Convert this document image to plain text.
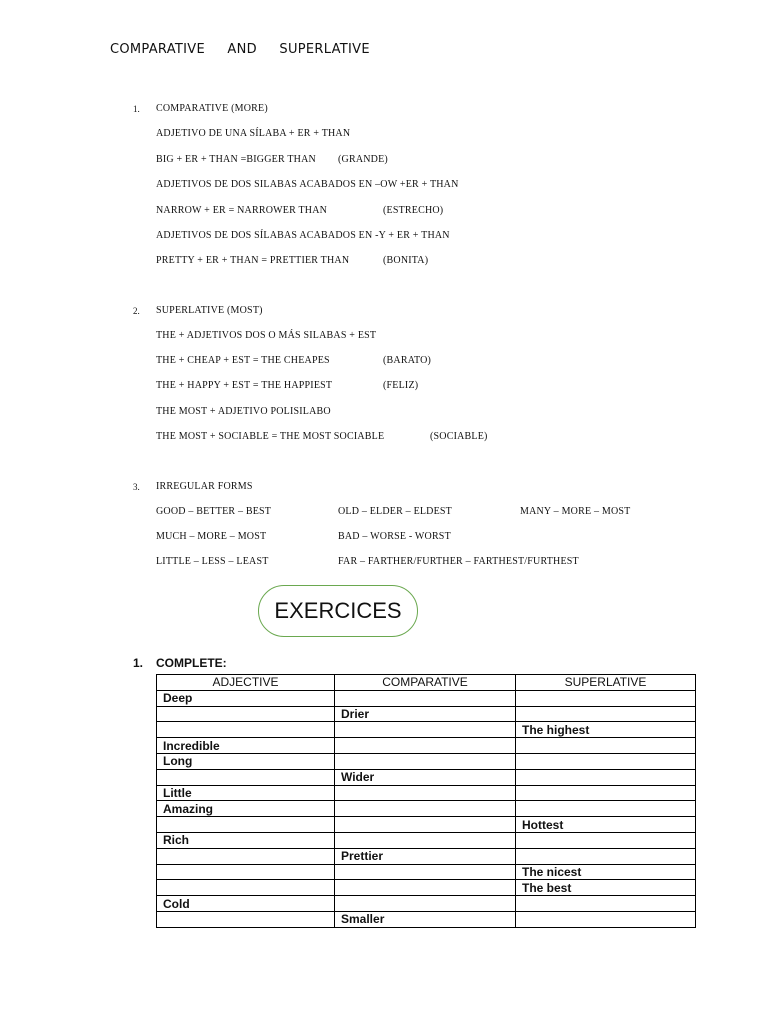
COMPARATIVE AND SUPERLATIVE
1. COMPARATIVE (MORE)
ADJETIVO DE UNA SÍLABA + ER + THAN
BIG + ER + THAN =BIGGER THAN (GRANDE)
ADJETIVOS DE DOS SILABAS ACABADOS EN –OW +ER + THAN
NARROW + ER = NARROWER THAN	(ESTRECHO)
ADJETIVOS DE DOS SÍLABAS ACABADOS EN -Y + ER + THAN
PRETTY + ER + THAN = PRETTIER THAN	(BONITA)
2. SUPERLATIVE (MOST)
THE + ADJETIVOS DOS O MÁS SILABAS + EST
THE + CHEAP + EST = THE CHEAPES	(BARATO)
THE + HAPPY + EST = THE HAPPIEST	(FELIZ)
THE MOST + ADJETIVO POLISILABO
THE MOST + SOCIABLE = THE MOST SOCIABLE	(SOCIABLE)
3. IRREGULAR FORMS
GOOD – BETTER – BEST	OLD – ELDER – ELDEST	MANY – MORE – MOST
MUCH – MORE – MOST	BAD – WORSE - WORST
LITTLE – LESS – LEAST	FAR – FARTHER/FURTHER – FARTHEST/FURTHEST
EXERCICES
1. COMPLETE:
ADJECTIVE	COMPARATIVE	SUPERLATIVE
Deep		
	Drier	
		The highest
Incredible		
Long		
	Wider	
Little		
Amazing		
		Hottest
Rich		
	Prettier	
		The nicest
		The best
Cold		
	Smaller	
